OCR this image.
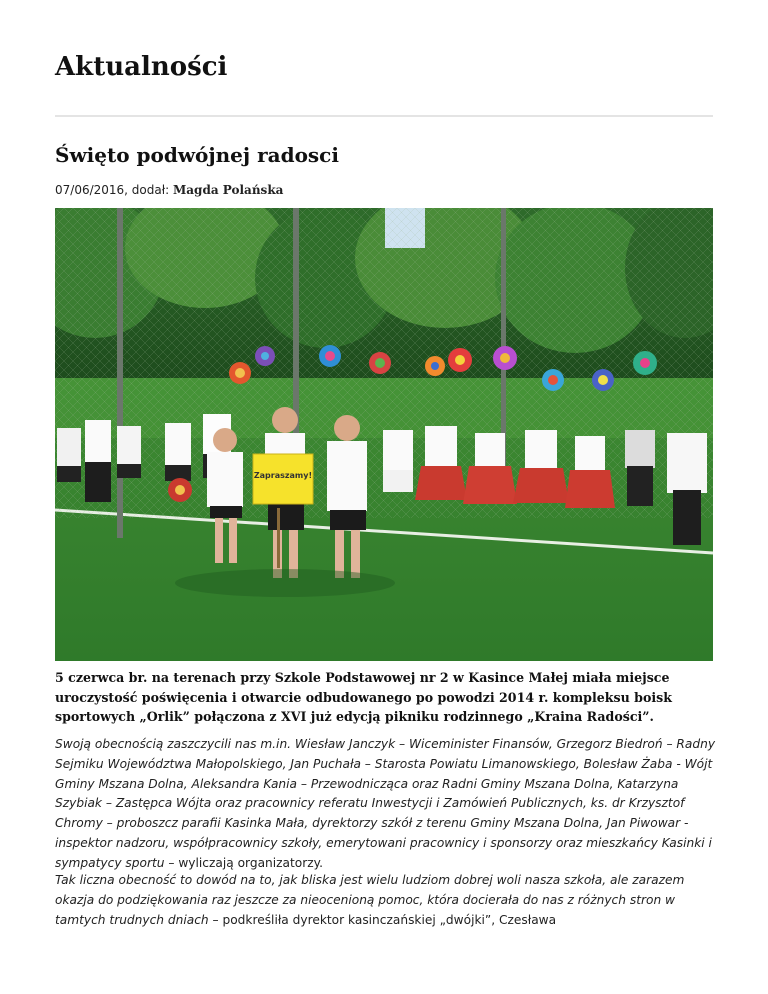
Aktualności
Święto podwójnej radosci
07/06/2016, dodał: Magda Polańska
Zapraszamy!

5 czerwca br. na terenach przy Szkole Podstawowej nr 2 w Kasince Małej miała miejsce uroczystość poświęcenia i otwarcie odbudowanego po powodzi 2014 r. kompleksu boisk sportowych „Orlik” połączona z XVI już edycją pikniku rodzinnego „Kraina Radości”.

Swoją obecnością zaszczycili nas m.in. Wiesław Janczyk – Wiceminister Finansów, Grzegorz Biedroń – Radny Sejmiku Województwa Małopolskiego, Jan Puchała – Starosta Powiatu Limanowskiego, Bolesław Żaba - Wójt Gminy Mszana Dolna, Aleksandra Kania – Przewodnicząca oraz Radni Gminy Mszana Dolna, Katarzyna Szybiak – Zastępca Wójta oraz pracownicy referatu Inwestycji i Zamówień Publicznych, ks. dr Krzysztof Chromy – proboszcz parafii Kasinka Mała, dyrektorzy szkół z terenu Gminy Mszana Dolna, Jan Piwowar - inspektor nadzoru, współpracownicy szkoły, emerytowani pracownicy i sponsorzy oraz mieszkańcy Kasinki i sympatycy sportu – wyliczają organizatorzy.

Tak liczna obecność to dowód na to, jak bliska jest wielu ludziom dobrej woli nasza szkoła, ale zarazem okazja do podziękowania raz jeszcze za nieocenioną pomoc, która docierała do nas z różnych stron w tamtych trudnych dniach – podkreśliła dyrektor kasinczańskiej „dwójki”, Czesława
